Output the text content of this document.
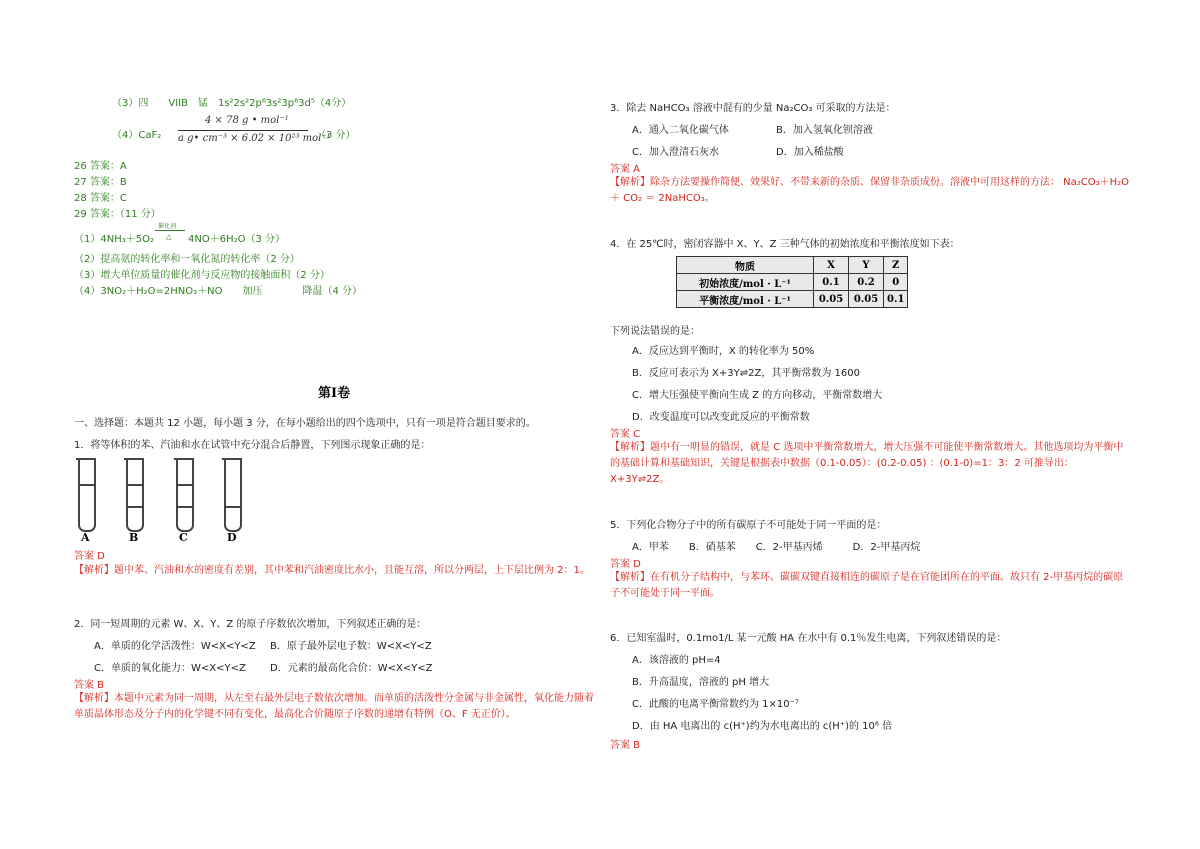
（3）四　　VIIB　锰　1s²2s²2p⁶3s²3p⁶3d⁵（4分）
（4）CaF₂
4 × 78 g • mol⁻¹
a g• cm⁻³ × 6.02 × 10²³ mol⁻¹
（3 分）
26 答案：A
27 答案：B
28 答案：C
29 答案：（11 分）
（1）4NH₃＋5O₂
催化剂
△ 4NO＋6H₂O（3 分）
（2）提高氨的转化率和一氧化氮的转化率（2 分）
（3）增大单位质量的催化剂与反应物的接触面积（2 分）
（4）3NO₂＋H₂O=2HNO₃＋NO　　加压　　　　降温（4 分）
第Ⅰ卷
一、选择题：本题共 12 小题，每小题 3 分，在每小题给出的四个选项中，只有一项是符合题目要求的。
1．将等体积的苯、汽油和水在试管中充分混合后静置，下列图示现象正确的是：
A	B	C	D
答案 D
【解析】题中苯、汽油和水的密度有差别，其中苯和汽油密度比水小，且能互溶，所以分两层，上下层比例为 2：1。
2．同一短周期的元素 W、X、Y、Z 的原子序数依次增加，下列叙述正确的是：
A．单质的化学活泼性：W<X<Y<Z B．原子最外层电子数：W<X<Y<Z
C．单质的氧化能力：W<X<Y<Z D．元素的最高化合价：W<X<Y<Z
答案 B
【解析】本题中元素为同一周期，从左至右最外层电子数依次增加。而单质的活泼性分金属与非金属性，氧化能力随着单质晶体形态及分子内的化学键不同有变化，最高化合价随原子序数的递增有特例（O、F 无正价）。
3．除去 NaHCO₃ 溶液中混有的少量 Na₂CO₃ 可采取的方法是：
A．通入二氧化碳气体	B．加入氢氧化钡溶液
C．加入澄清石灰水	D．加入稀盐酸
答案 A
【解析】除杂方法要操作简便、效果好、不带来新的杂质、保留非杂质成份。溶液中可用这样的方法： Na₂CO₃＋H₂O ＋ CO₂ ＝ 2NaHCO₃。
4．在 25℃时，密闭容器中 X、Y、Z 三种气体的初始浓度和平衡浓度如下表：
物质	X	Y	Z
初始浓度/mol · L⁻¹	0.1	0.2	0
平衡浓度/mol · L⁻¹	0.05	0.05	0.1
下列说法错误的是：
A．反应达到平衡时，X 的转化率为 50%
B．反应可表示为 X+3Y⇌2Z，其平衡常数为 1600
C．增大压强使平衡向生成 Z 的方向移动，平衡常数增大
D．改变温度可以改变此反应的平衡常数
答案 C
【解析】题中有一明显的错误，就是 C 选项中平衡常数增大，增大压强不可能使平衡常数增大。其他选项均为平衡中的基础计算和基础知识，关键是根据表中数据（0.1-0.05）：(0.2-0.05) ：(0.1-0)=1：3：2 可推导出：X+3Y⇌2Z。
5．下列化合物分子中的所有碳原子不可能处于同一平面的是：
A．甲苯　　B．硝基苯　　C．2-甲基丙烯　　　D．2-甲基丙烷
答案 D
【解析】在有机分子结构中，与苯环、碳碳双键直接相连的碳原子是在官能团所在的平面。故只有 2-甲基丙烷的碳原子不可能处于同一平面。
6．已知室温时，0.1mo1/L 某一元酸 HA 在水中有 0.1％发生电离，下列叙述错误的是：
A．该溶液的 pH=4
B．升高温度，溶液的 pH 增大
C．此酸的电离平衡常数约为 1×10⁻⁷
D．由 HA 电离出的 c(H⁺)约为水电离出的 c(H⁺)的 10⁶ 倍
答案 B
